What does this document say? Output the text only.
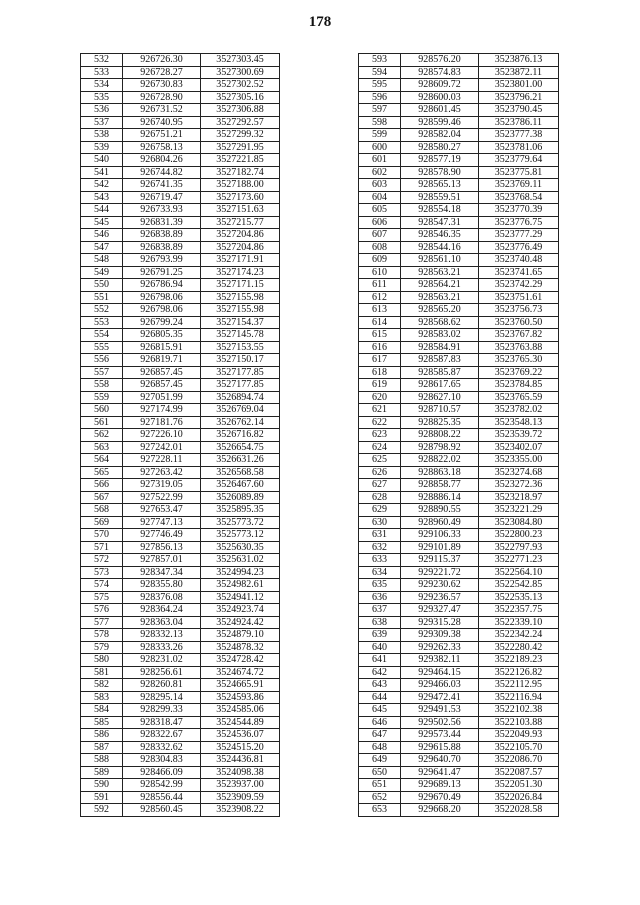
178
532	926726.30	3527303.45
533	926728.27	3527300.69
534	926730.83	3527302.52
535	926728.90	3527305.16
536	926731.52	3527306.88
537	926740.95	3527292.57
538	926751.21	3527299.32
539	926758.13	3527291.95
540	926804.26	3527221.85
541	926744.82	3527182.74
542	926741.35	3527188.00
543	926719.47	3527173.60
544	926733.93	3527151.63
545	926831.39	3527215.77
546	926838.89	3527204.86
547	926838.89	3527204.86
548	926793.99	3527171.91
549	926791.25	3527174.23
550	926786.94	3527171.15
551	926798.06	3527155.98
552	926798.06	3527155.98
553	926799.24	3527154.37
554	926805.35	3527145.78
555	926815.91	3527153.55
556	926819.71	3527150.17
557	926857.45	3527177.85
558	926857.45	3527177.85
559	927051.99	3526894.74
560	927174.99	3526769.04
561	927181.76	3526762.14
562	927226.10	3526716.82
563	927242.01	3526654.75
564	927228.11	3526631.26
565	927263.42	3526568.58
566	927319.05	3526467.60
567	927522.99	3526089.89
568	927653.47	3525895.35
569	927747.13	3525773.72
570	927746.49	3525773.12
571	927856.13	3525630.35
572	927857.01	3525631.02
573	928347.34	3524994.23
574	928355.80	3524982.61
575	928376.08	3524941.12
576	928364.24	3524923.74
577	928363.04	3524924.42
578	928332.13	3524879.10
579	928333.26	3524878.32
580	928231.02	3524728.42
581	928256.61	3524674.72
582	928260.81	3524665.91
583	928295.14	3524593.86
584	928299.33	3524585.06
585	928318.47	3524544.89
586	928322.67	3524536.07
587	928332.62	3524515.20
588	928304.83	3524436.81
589	928466.09	3524098.38
590	928542.99	3523937.00
591	928556.44	3523909.59
592	928560.45	3523908.22
593	928576.20	3523876.13
594	928574.83	3523872.11
595	928609.72	3523801.00
596	928600.03	3523796.21
597	928601.45	3523790.45
598	928599.46	3523786.11
599	928582.04	3523777.38
600	928580.27	3523781.06
601	928577.19	3523779.64
602	928578.90	3523775.81
603	928565.13	3523769.11
604	928559.51	3523768.54
605	928554.18	3523770.39
606	928547.31	3523776.75
607	928546.35	3523777.29
608	928544.16	3523776.49
609	928561.10	3523740.48
610	928563.21	3523741.65
611	928564.21	3523742.29
612	928563.21	3523751.61
613	928565.20	3523756.73
614	928568.62	3523760.50
615	928583.02	3523767.82
616	928584.91	3523763.88
617	928587.83	3523765.30
618	928585.87	3523769.22
619	928617.65	3523784.85
620	928627.10	3523765.59
621	928710.57	3523782.02
622	928825.35	3523548.13
623	928808.22	3523539.72
624	928798.92	3523402.07
625	928822.02	3523355.00
626	928863.18	3523274.68
627	928858.77	3523272.36
628	928886.14	3523218.97
629	928890.55	3523221.29
630	928960.49	3523084.80
631	929106.33	3522800.23
632	929101.89	3522797.93
633	929115.37	3522771.23
634	929221.72	3522564.10
635	929230.62	3522542.85
636	929236.57	3522535.13
637	929327.47	3522357.75
638	929315.28	3522339.10
639	929309.38	3522342.24
640	929262.33	3522280.42
641	929382.11	3522189.23
642	929464.15	3522126.82
643	929466.03	3522112.95
644	929472.41	3522116.94
645	929491.53	3522102.38
646	929502.56	3522103.88
647	929573.44	3522049.93
648	929615.88	3522105.70
649	929640.70	3522086.70
650	929641.47	3522087.57
651	929689.13	3522051.30
652	929670.49	3522026.84
653	929668.20	3522028.58
